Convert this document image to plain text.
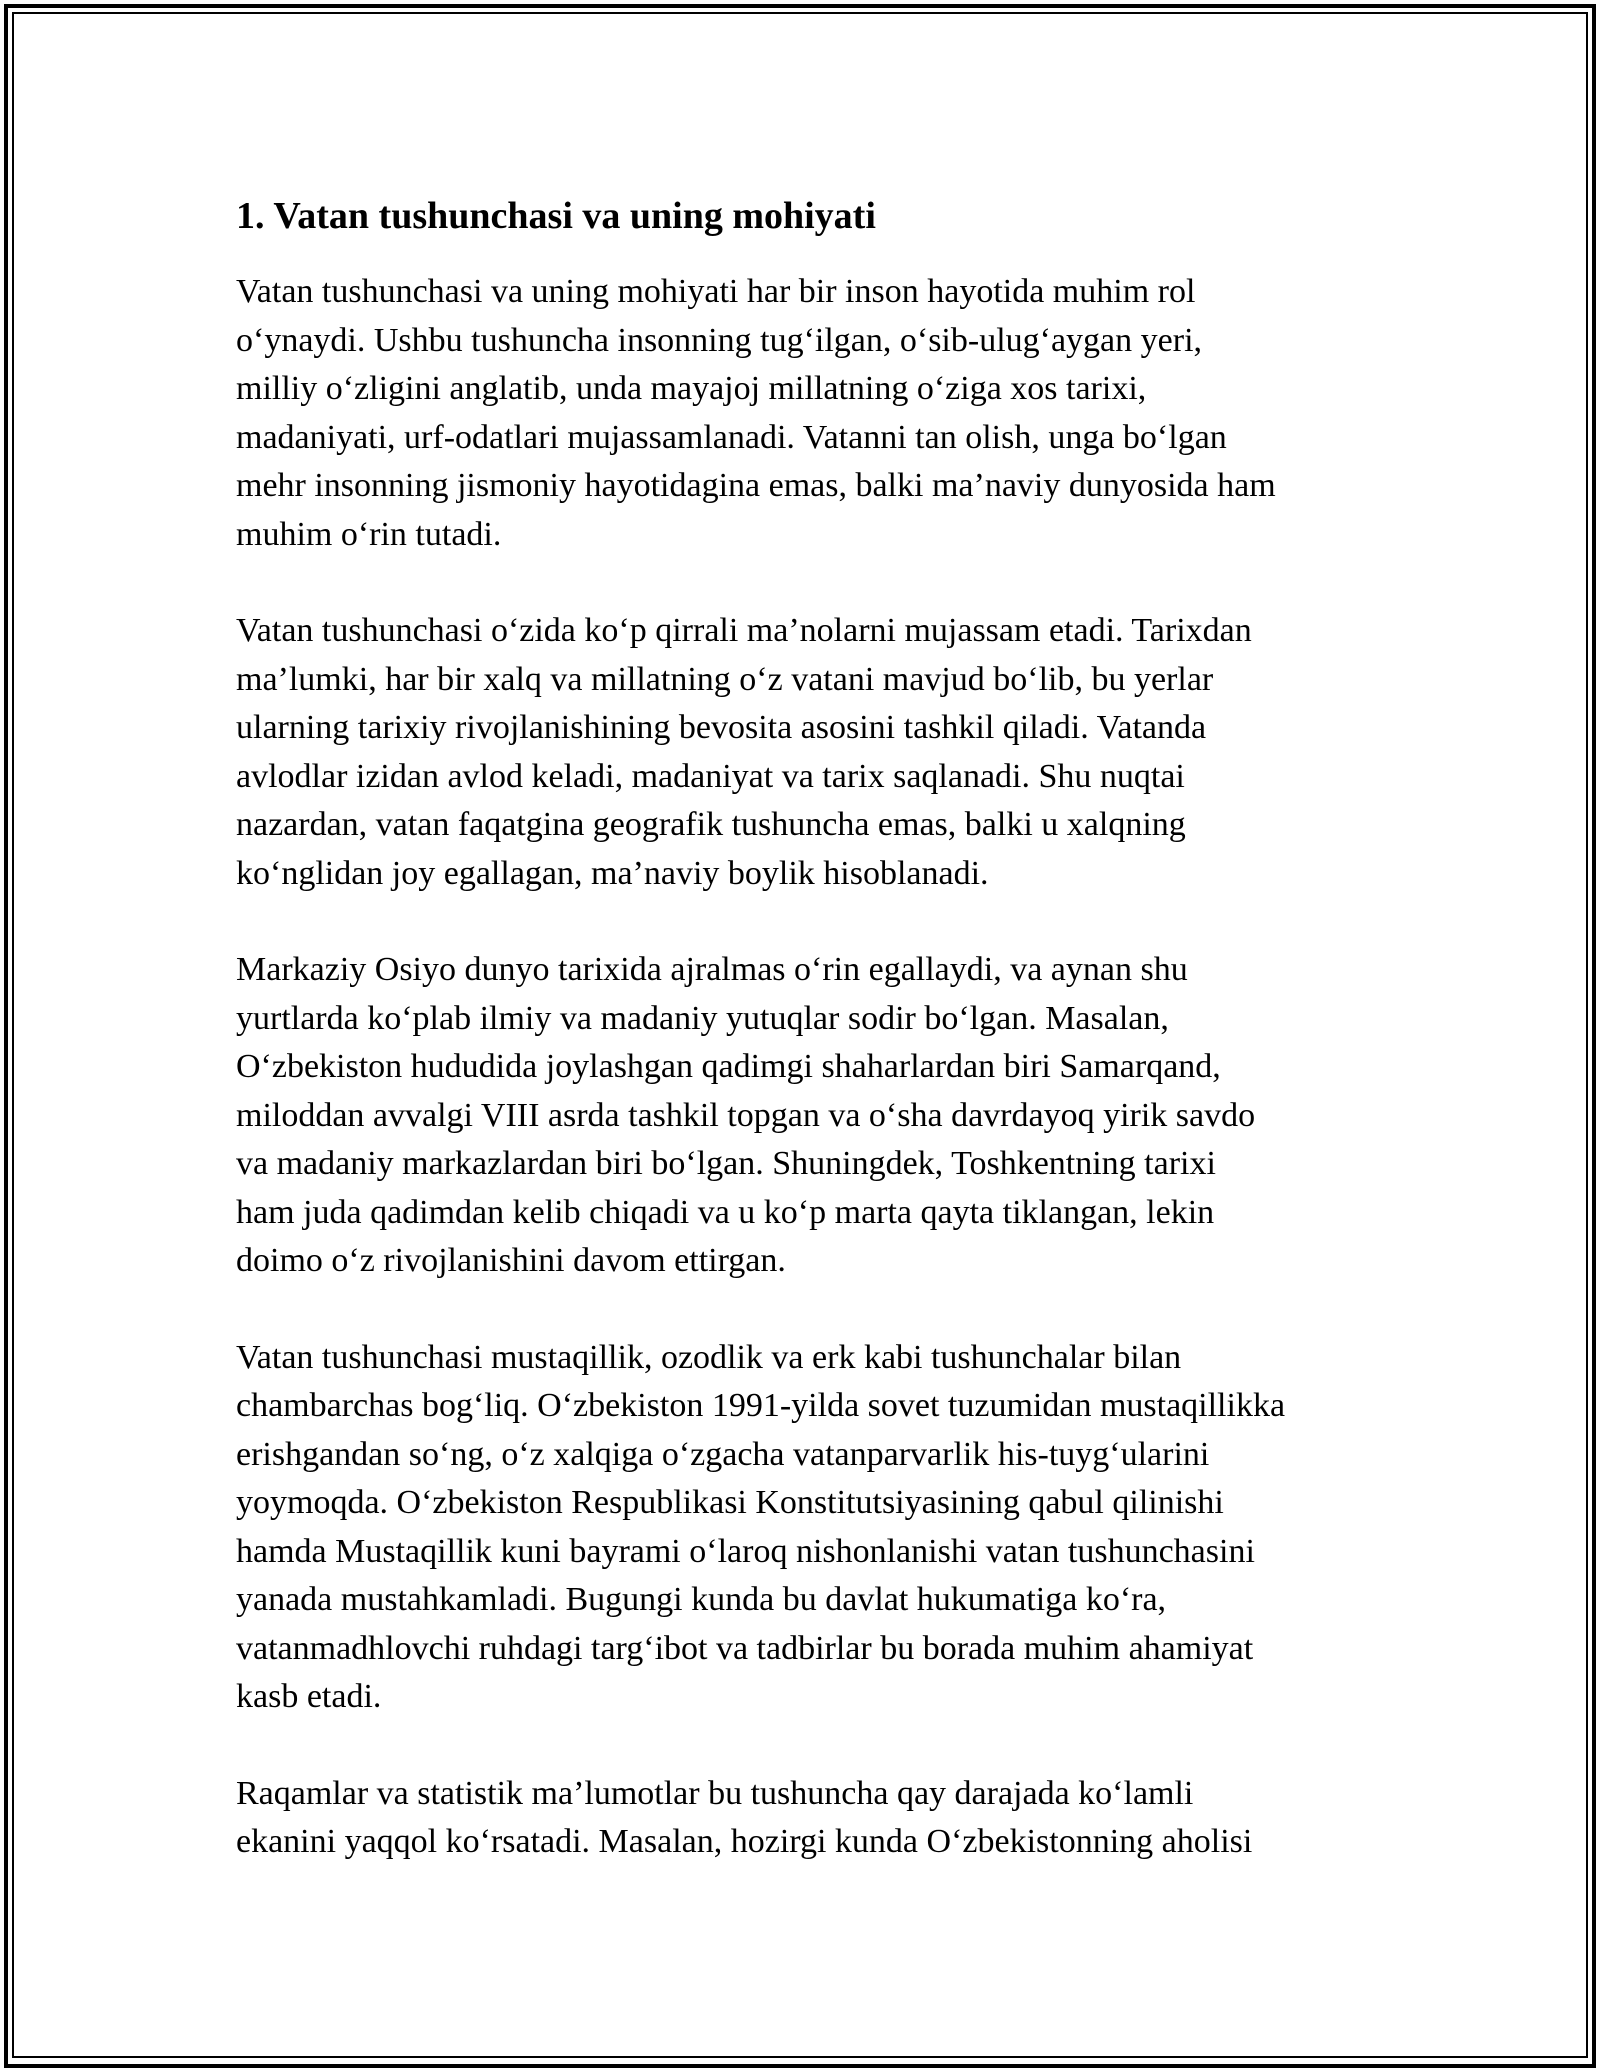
1. Vatan tushunchasi va uning mohiyati
Vatan tushunchasi va uning mohiyati har bir inson hayotida muhim rol
o‘ynaydi. Ushbu tushuncha insonning tug‘ilgan, o‘sib-ulug‘aygan yeri,
milliy o‘zligini anglatib, unda mayajoj millatning o‘ziga xos tarixi,
madaniyati, urf-odatlari mujassamlanadi. Vatanni tan olish, unga bo‘lgan
mehr insonning jismoniy hayotidagina emas, balki ma’naviy dunyosida ham
muhim o‘rin tutadi.
Vatan tushunchasi o‘zida ko‘p qirrali ma’nolarni mujassam etadi. Tarixdan
ma’lumki, har bir xalq va millatning o‘z vatani mavjud bo‘lib, bu yerlar
ularning tarixiy rivojlanishining bevosita asosini tashkil qiladi. Vatanda
avlodlar izidan avlod keladi, madaniyat va tarix saqlanadi. Shu nuqtai
nazardan, vatan faqatgina geografik tushuncha emas, balki u xalqning
ko‘nglidan joy egallagan, ma’naviy boylik hisoblanadi.
Markaziy Osiyo dunyo tarixida ajralmas o‘rin egallaydi, va aynan shu
yurtlarda ko‘plab ilmiy va madaniy yutuqlar sodir bo‘lgan. Masalan,
O‘zbekiston hududida joylashgan qadimgi shaharlardan biri Samarqand,
miloddan avvalgi VIII asrda tashkil topgan va o‘sha davrdayoq yirik savdo
va madaniy markazlardan biri bo‘lgan. Shuningdek, Toshkentning tarixi
ham juda qadimdan kelib chiqadi va u ko‘p marta qayta tiklangan, lekin
doimo o‘z rivojlanishini davom ettirgan.
Vatan tushunchasi mustaqillik, ozodlik va erk kabi tushunchalar bilan
chambarchas bog‘liq. O‘zbekiston 1991-yilda sovet tuzumidan mustaqillikka
erishgandan so‘ng, o‘z xalqiga o‘zgacha vatanparvarlik his-tuyg‘ularini
yoymoqda. O‘zbekiston Respublikasi Konstitutsiyasining qabul qilinishi
hamda Mustaqillik kuni bayrami o‘laroq nishonlanishi vatan tushunchasini
yanada mustahkamladi. Bugungi kunda bu davlat hukumatiga ko‘ra,
vatanmadhlovchi ruhdagi targ‘ibot va tadbirlar bu borada muhim ahamiyat
kasb etadi.
Raqamlar va statistik ma’lumotlar bu tushuncha qay darajada ko‘lamli
ekanini yaqqol ko‘rsatadi. Masalan, hozirgi kunda O‘zbekistonning aholisi
